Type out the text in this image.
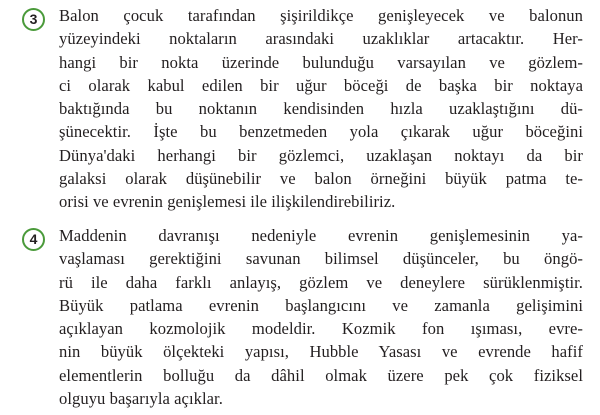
3	Balon çocuk tarafından şişirildikçe genişleyecek ve balonun
yüzeyindeki noktaların arasındaki uzaklıklar artacaktır. Her-
hangi bir nokta üzerinde bulunduğu varsayılan ve gözlem-
ci olarak kabul edilen bir uğur böceği de başka bir noktaya
baktığında bu noktanın kendisinden hızla uzaklaştığını dü-
şünecektir. İşte bu benzetmeden yola çıkarak uğur böceğini
Dünya'daki herhangi bir gözlemci, uzaklaşan noktayı da bir
galaksi olarak düşünebilir ve balon örneğini büyük patma te-
orisi ve evrenin genişlemesi ile ilişkilendirebiliriz.
4	Maddenin davranışı nedeniyle evrenin genişlemesinin ya-
vaşlaması gerektiğini savunan bilimsel düşünceler, bu öngö-
rü ile daha farklı anlayış, gözlem ve deneylere sürüklenmiştir.
Büyük patlama evrenin başlangıcını ve zamanla gelişimini
açıklayan kozmolojik modeldir. Kozmik fon ışıması, evre-
nin büyük ölçekteki yapısı, Hubble Yasası ve evrende hafif
elementlerin bolluğu da dâhil olmak üzere pek çok fiziksel
olguyu başarıyla açıklar.
